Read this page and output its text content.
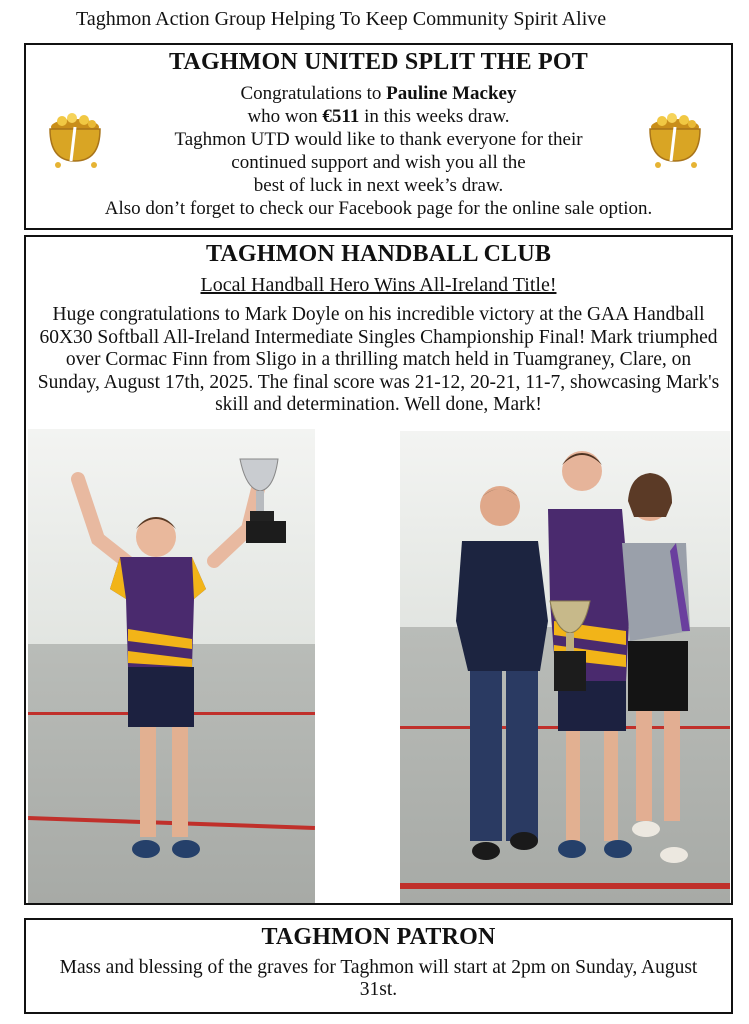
Taghmon Action Group Helping To Keep Community Spirit Alive
TAGHMON UNITED SPLIT THE POT
Congratulations to Pauline Mackey
who won €511 in this weeks draw.
Taghmon UTD would like to thank everyone for their
continued support and wish you all the
best of luck in next week’s draw.
Also don’t forget to check our Facebook page for the online sale option.
TAGHMON HANDBALL CLUB
Local Handball Hero Wins All-Ireland Title!
Huge congratulations to Mark Doyle on his incredible victory at the GAA Handball 60X30 Softball All-Ireland Intermediate Singles Championship Final! Mark triumphed over Cormac Finn from Sligo in a thrilling match held in Tuamgraney, Clare, on Sunday, August 17th, 2025. The final score was 21-12, 20-21, 11-7, showcasing Mark's skill and determination. Well done, Mark!
TAGHMON PATRON
Mass and blessing of the graves for Taghmon will start at 2pm on Sunday, August 31st.
